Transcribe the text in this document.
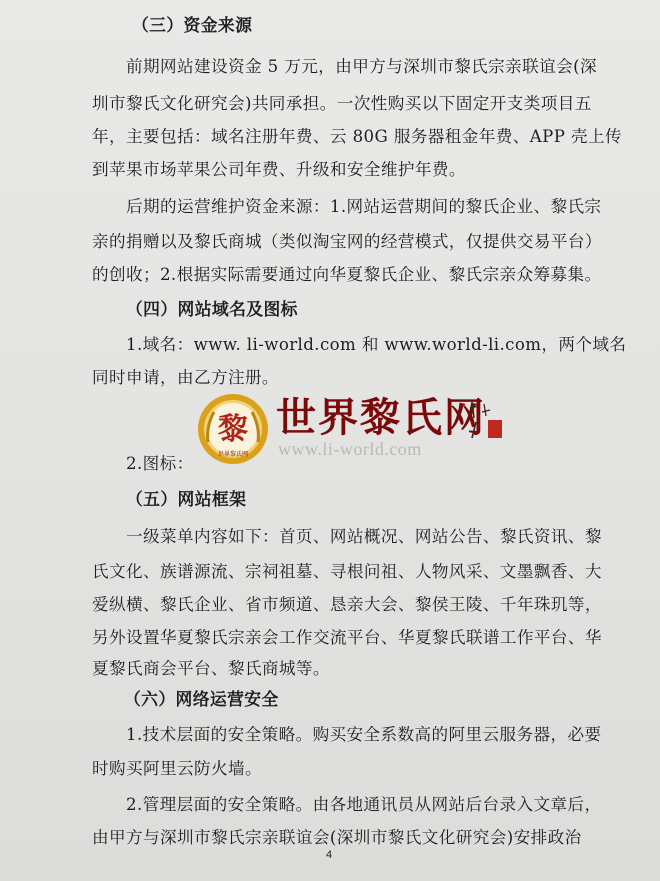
（三）资金来源
前期网站建设资金 5 万元，由甲方与深圳市黎氏宗亲联谊会(深
圳市黎氏文化研究会)共同承担。一次性购买以下固定开支类项目五
年，主要包括：域名注册年费、云 80G 服务器租金年费、APP 壳上传
到苹果市场苹果公司年费、升级和安全维护年费。
后期的运营维护资金来源：1.网站运营期间的黎氏企业、黎氏宗
亲的捐赠以及黎氏商城（类似淘宝网的经营模式，仅提供交易平台）
的创收；2.根据实际需要通过向华夏黎氏企业、黎氏宗亲众筹募集。
（四）网站域名及图标
1.域名：www. li-world.com 和 www.world-li.com，两个域名
同时申请，由乙方注册。
黎
世界黎氏网
世界黎氏网
www.li-world.com
2.图标：
（五）网站框架
一级菜单内容如下：首页、网站概况、网站公告、黎氏资讯、黎
氏文化、族谱源流、宗祠祖墓、寻根问祖、人物风采、文墨飘香、大
爱纵横、黎氏企业、省市频道、恳亲大会、黎侯王陵、千年珠玑等，
另外设置华夏黎氏宗亲会工作交流平台、华夏黎氏联谱工作平台、华
夏黎氏商会平台、黎氏商城等。
（六）网络运营安全
1.技术层面的安全策略。购买安全系数高的阿里云服务器，必要
时购买阿里云防火墙。
2.管理层面的安全策略。由各地通讯员从网站后台录入文章后，
由甲方与深圳市黎氏宗亲联谊会(深圳市黎氏文化研究会)安排政治
4
